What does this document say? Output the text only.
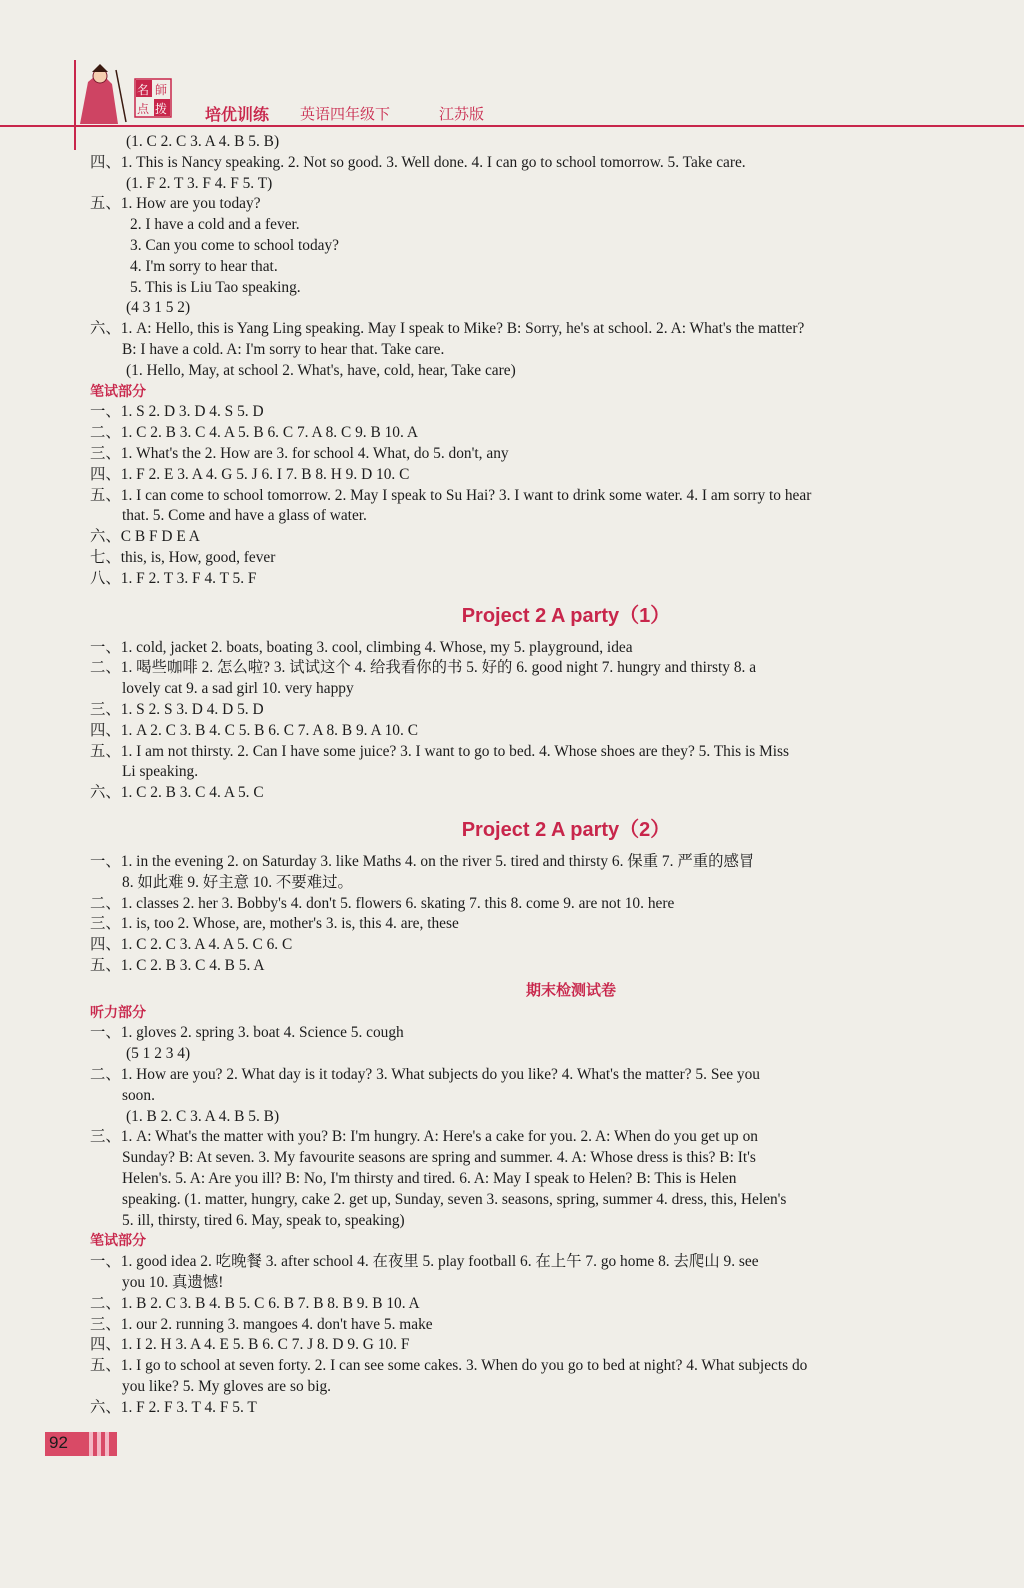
名 師
点 拨 培优训练 英语四年级下	江苏版
(1. C 2. C 3. A 4. B 5. B)
四、1. This is Nancy speaking. 2. Not so good. 3. Well done. 4. I can go to school tomorrow. 5. Take care.
(1. F 2. T 3. F 4. F 5. T)
五、1. How are you today?
2. I have a cold and a fever.
3. Can you come to school today?
4. I'm sorry to hear that.
5. This is Liu Tao speaking.
(4 3 1 5 2)
六、1. A: Hello, this is Yang Ling speaking. May I speak to Mike? B: Sorry, he's at school. 2. A: What's the matter?
B: I have a cold. A: I'm sorry to hear that. Take care.
(1. Hello, May, at school 2. What's, have, cold, hear, Take care)
笔试部分
一、1. S 2. D 3. D 4. S 5. D
二、1. C 2. B 3. C 4. A 5. B 6. C 7. A 8. C 9. B 10. A
三、1. What's the 2. How are 3. for school 4. What, do 5. don't, any
四、1. F 2. E 3. A 4. G 5. J 6. I 7. B 8. H 9. D 10. C
五、1. I can come to school tomorrow. 2. May I speak to Su Hai? 3. I want to drink some water. 4. I am sorry to hear
that. 5. Come and have a glass of water.
六、C B F D E A
七、this, is, How, good, fever
八、1. F 2. T 3. F 4. T 5. F
Project 2 A party（1）
一、1. cold, jacket 2. boats, boating 3. cool, climbing 4. Whose, my 5. playground, idea
二、1. 喝些咖啡 2. 怎么啦? 3. 试试这个 4. 给我看你的书 5. 好的 6. good night 7. hungry and thirsty 8. a
lovely cat 9. a sad girl 10. very happy
三、1. S 2. S 3. D 4. D 5. D
四、1. A 2. C 3. B 4. C 5. B 6. C 7. A 8. B 9. A 10. C
五、1. I am not thirsty. 2. Can I have some juice? 3. I want to go to bed. 4. Whose shoes are they? 5. This is Miss
Li speaking.
六、1. C 2. B 3. C 4. A 5. C
Project 2 A party（2）
一、1. in the evening 2. on Saturday 3. like Maths 4. on the river 5. tired and thirsty 6. 保重 7. 严重的感冒
8. 如此难 9. 好主意 10. 不要难过。
二、1. classes 2. her 3. Bobby's 4. don't 5. flowers 6. skating 7. this 8. come 9. are not 10. here
三、1. is, too 2. Whose, are, mother's 3. is, this 4. are, these
四、1. C 2. C 3. A 4. A 5. C 6. C
五、1. C 2. B 3. C 4. B 5. A
期末检测试卷
听力部分
一、1. gloves 2. spring 3. boat 4. Science 5. cough
(5 1 2 3 4)
二、1. How are you? 2. What day is it today? 3. What subjects do you like? 4. What's the matter? 5. See you
soon.
(1. B 2. C 3. A 4. B 5. B)
三、1. A: What's the matter with you? B: I'm hungry. A: Here's a cake for you. 2. A: When do you get up on
Sunday? B: At seven. 3. My favourite seasons are spring and summer. 4. A: Whose dress is this? B: It's
Helen's. 5. A: Are you ill? B: No, I'm thirsty and tired. 6. A: May I speak to Helen? B: This is Helen
speaking. (1. matter, hungry, cake 2. get up, Sunday, seven 3. seasons, spring, summer 4. dress, this, Helen's
5. ill, thirsty, tired 6. May, speak to, speaking)
笔试部分
一、1. good idea 2. 吃晚餐 3. after school 4. 在夜里 5. play football 6. 在上午 7. go home 8. 去爬山 9. see
you 10. 真遗憾!
二、1. B 2. C 3. B 4. B 5. C 6. B 7. B 8. B 9. B 10. A
三、1. our 2. running 3. mangoes 4. don't have 5. make
四、1. I 2. H 3. A 4. E 5. B 6. C 7. J 8. D 9. G 10. F
五、1. I go to school at seven forty. 2. I can see some cakes. 3. When do you go to bed at night? 4. What subjects do
you like? 5. My gloves are so big.
六、1. F 2. F 3. T 4. F 5. T
92
